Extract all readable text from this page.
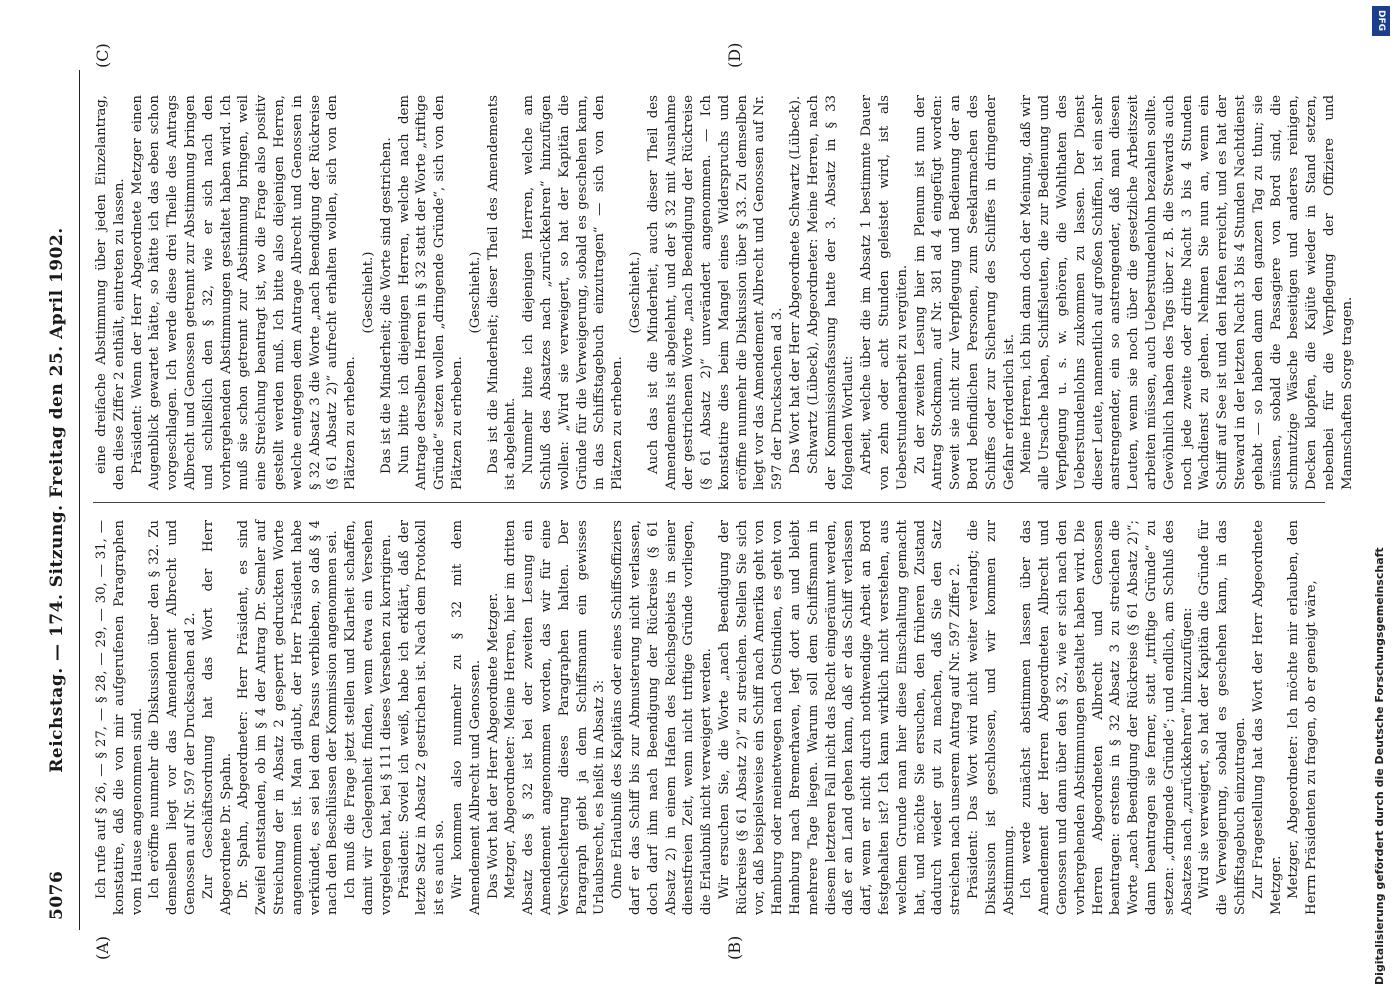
5076
Reichstag. — 174. Sitzung. Freitag den 25. April 1902.
(A)	(B)
(C)	(D)

Ich rufe auf § 26, — § 27, — § 28, — 29, — 30, — 31, — konstatire, daß die von mir aufgerufenen Paragraphen vom Hause angenommen sind. Ich eröffne nunmehr die Diskussion über den § 32. Zu demselben liegt vor das Amendement Albrecht und Genossen auf Nr. 597 der Drucksachen ad 2. Zur Geschäftsordnung hat das Wort der Herr Abgeordnete Dr. Spahn. Dr. Spahn, Abgeordneter: Herr Präsident, es sind Zweifel entstanden, ob im § 4 der Antrag Dr. Semler auf Streichung der in Absatz 2 gesperrt gedruckten Worte angenommen ist. Man glaubt, der Herr Präsident habe verkündet, es sei bei dem Passus verblieben, so daß § 4 nach den Beschlüssen der Kommission angenommen sei. Ich muß die Frage jetzt stellen und Klarheit schaffen, damit wir Gelegenheit finden, wenn etwa ein Versehen vorgelegen hat, bei § 111 dieses Versehen zu korrigiren. Präsident: Soviel ich weiß, habe ich erklärt, daß der letzte Satz in Absatz 2 gestrichen ist. Nach dem Protokoll ist es auch so. Wir kommen also nunmehr zu § 32 mit dem Amendement Albrecht und Genossen. Das Wort hat der Herr Abgeordnete Metzger. Metzger, Abgeordneter: Meine Herren, hier im dritten Absatz des § 32 ist bei der zweiten Lesung ein Amendement angenommen worden, das wir für eine Verschlechterung dieses Paragraphen halten. Der Paragraph giebt ja dem Schiffsmann ein gewisses Urlaubsrecht, es heißt in Absatz 3: Ohne Erlaubniß des Kapitäns oder eines Schiffsoffiziers darf er das Schiff bis zur Abmusterung nicht verlassen, doch darf ihm nach Beendigung der Rückreise (§ 61 Absatz 2) in einem Hafen des Reichsgebiets in seiner dienstfreien Zeit, wenn nicht triftige Gründe vorliegen, die Erlaubniß nicht verweigert werden. Wir ersuchen Sie, die Worte „nach Beendigung der Rückreise (§ 61 Absatz 2)“ zu streichen. Stellen Sie sich vor, daß beispielsweise ein Schiff nach Amerika geht von Hamburg oder meinetwegen nach Ostindien, es geht von Hamburg nach Bremerhaven, legt dort an und bleibt mehrere Tage liegen. Warum soll dem Schiffsmann in diesem letzteren Fall nicht das Recht eingeräumt werden, daß er an Land gehen kann, daß er das Schiff verlassen darf, wenn er nicht durch nothwendige Arbeit an Bord festgehalten ist? Ich kann wirklich nicht verstehen, aus welchem Grunde man hier diese Einschaltung gemacht hat, und möchte Sie ersuchen, den früheren Zustand dadurch wieder gut zu machen, daß Sie den Satz streichen nach unserem Antrag auf Nr. 597 Ziffer 2. Präsident: Das Wort wird nicht weiter verlangt; die Diskussion ist geschlossen, und wir kommen zur Abstimmung. Ich werde zunächst abstimmen lassen über das Amendement der Herren Abgeordneten Albrecht und Genossen und dann über den § 32, wie er sich nach den vorhergehenden Abstimmungen gestaltet haben wird. Die Herren Abgeordneten Albrecht und Genossen beantragen: erstens in § 32 Absatz 3 zu streichen die Worte „nach Beendigung der Rückreise (§ 61 Absatz 2)“; dann beantragen sie ferner, statt „triftige Gründe“ zu setzen: „dringende Gründe“; und endlich, am Schluß des Absatzes nach „zurückkehren“ hinzuzufügen: Wird sie verweigert, so hat der Kapitän die Gründe für die Verweigerung, sobald es geschehen kann, in das Schiffstagebuch einzutragen. Zur Fragestellung hat das Wort der Herr Abgeordnete Metzger. Metzger, Abgeordneter: Ich möchte mir erlauben, den Herrn Präsidenten zu fragen, ob er geneigt wäre,

eine dreifache Abstimmung über jeden Einzelantrag, den diese Ziffer 2 enthält, eintreten zu lassen. Präsident: Wenn der Herr Abgeordnete Metzger einen Augenblick gewartet hätte, so hätte ich das eben schon vorgeschlagen. Ich werde diese drei Theile des Antrags Albrecht und Genossen getrennt zur Abstimmung bringen und schließlich den § 32, wie er sich nach den vorhergehenden Abstimmungen gestaltet haben wird. Ich muß sie schon getrennt zur Abstimmung bringen, weil eine Streichung beantragt ist, wo die Frage also positiv gestellt werden muß. Ich bitte also diejenigen Herren, welche entgegen dem Antrage Albrecht und Genossen in § 32 Absatz 3 die Worte „nach Beendigung der Rückreise (§ 61 Absatz 2)“ aufrecht erhalten wollen, sich von den Plätzen zu erheben.

(Geschieht.) Das ist die Minderheit; die Worte sind gestrichen. Nun bitte ich diejenigen Herren, welche nach dem Antrage derselben Herren in § 32 statt der Worte „triftige Gründe“ setzen wollen „dringende Gründe“, sich von den Plätzen zu erheben.

(Geschieht.) Das ist die Minderheit; dieser Theil des Amendements ist abgelehnt. Nunmehr bitte ich diejenigen Herren, welche am Schluß des Absatzes nach „zurückkehren“ hinzufügen wollen: „Wird sie verweigert, so hat der Kapitän die Gründe für die Verweigerung, sobald es geschehen kann, in das Schiffstagebuch einzutragen“ — sich von den Plätzen zu erheben.

(Geschieht.) Auch das ist die Minderheit, auch dieser Theil des Amendements ist abgelehnt, und der § 32 mit Ausnahme der gestrichenen Worte „nach Beendigung der Rückreise (§ 61 Absatz 2)“ unverändert angenommen. — Ich konstatire dies beim Mangel eines Widerspruchs und eröffne nunmehr die Diskussion über § 33. Zu demselben liegt vor das Amendement Albrecht und Genossen auf Nr. 597 der Drucksachen ad 3. Das Wort hat der Herr Abgeordnete Schwartz (Lübeck). Schwartz (Lübeck), Abgeordneter: Meine Herren, nach der Kommissionsfassung hatte der 3. Absatz in § 33 folgenden Wortlaut: Arbeit, welche über die im Absatz 1 bestimmte Dauer von zehn oder acht Stunden geleistet wird, ist als Ueberstundenarbeit zu vergüten. Zu der zweiten Lesung hier im Plenum ist nun der Antrag Stockmann, auf Nr. 381 ad 4 eingefügt worden: Soweit sie nicht zur Verpflegung und Bedienung der an Bord befindlichen Personen, zum Seeklarmachen des Schiffes oder zur Sicherung des Schiffes in dringender Gefahr erforderlich ist. Meine Herren, ich bin dann doch der Meinung, daß wir alle Ursache haben, Schiffsleuten, die zur Bedienung und Verpflegung u. s. w. gehören, die Wohlthaten des Ueberstundenlohns zukommen zu lassen. Der Dienst dieser Leute, namentlich auf großen Schiffen, ist ein sehr anstrengender, ein so anstrengender, daß man diesen Leuten, wenn sie noch über die gesetzliche Arbeitszeit arbeiten müssen, auch Ueberstundenlohn bezahlen sollte. Gewöhnlich haben des Tags über z. B. die Stewards auch noch jede zweite oder dritte Nacht 3 bis 4 Stunden Wachdienst zu gehen. Nehmen Sie nun an, wenn ein Schiff auf See ist und den Hafen erreicht, und es hat der Steward in der letzten Nacht 3 bis 4 Stunden Nachtdienst gehabt — so haben dann den ganzen Tag zu thun; sie müssen, sobald die Passagiere von Bord sind, die schmutzige Wäsche beseitigen und anderes reinigen, Decken klopfen, die Kajüte wieder in Stand setzen, nebenbei für die Verpflegung der Offiziere und Mannschaften Sorge tragen.

DFG
Digitalisierung gefördert durch die Deutsche Forschungsgemeinschaft
